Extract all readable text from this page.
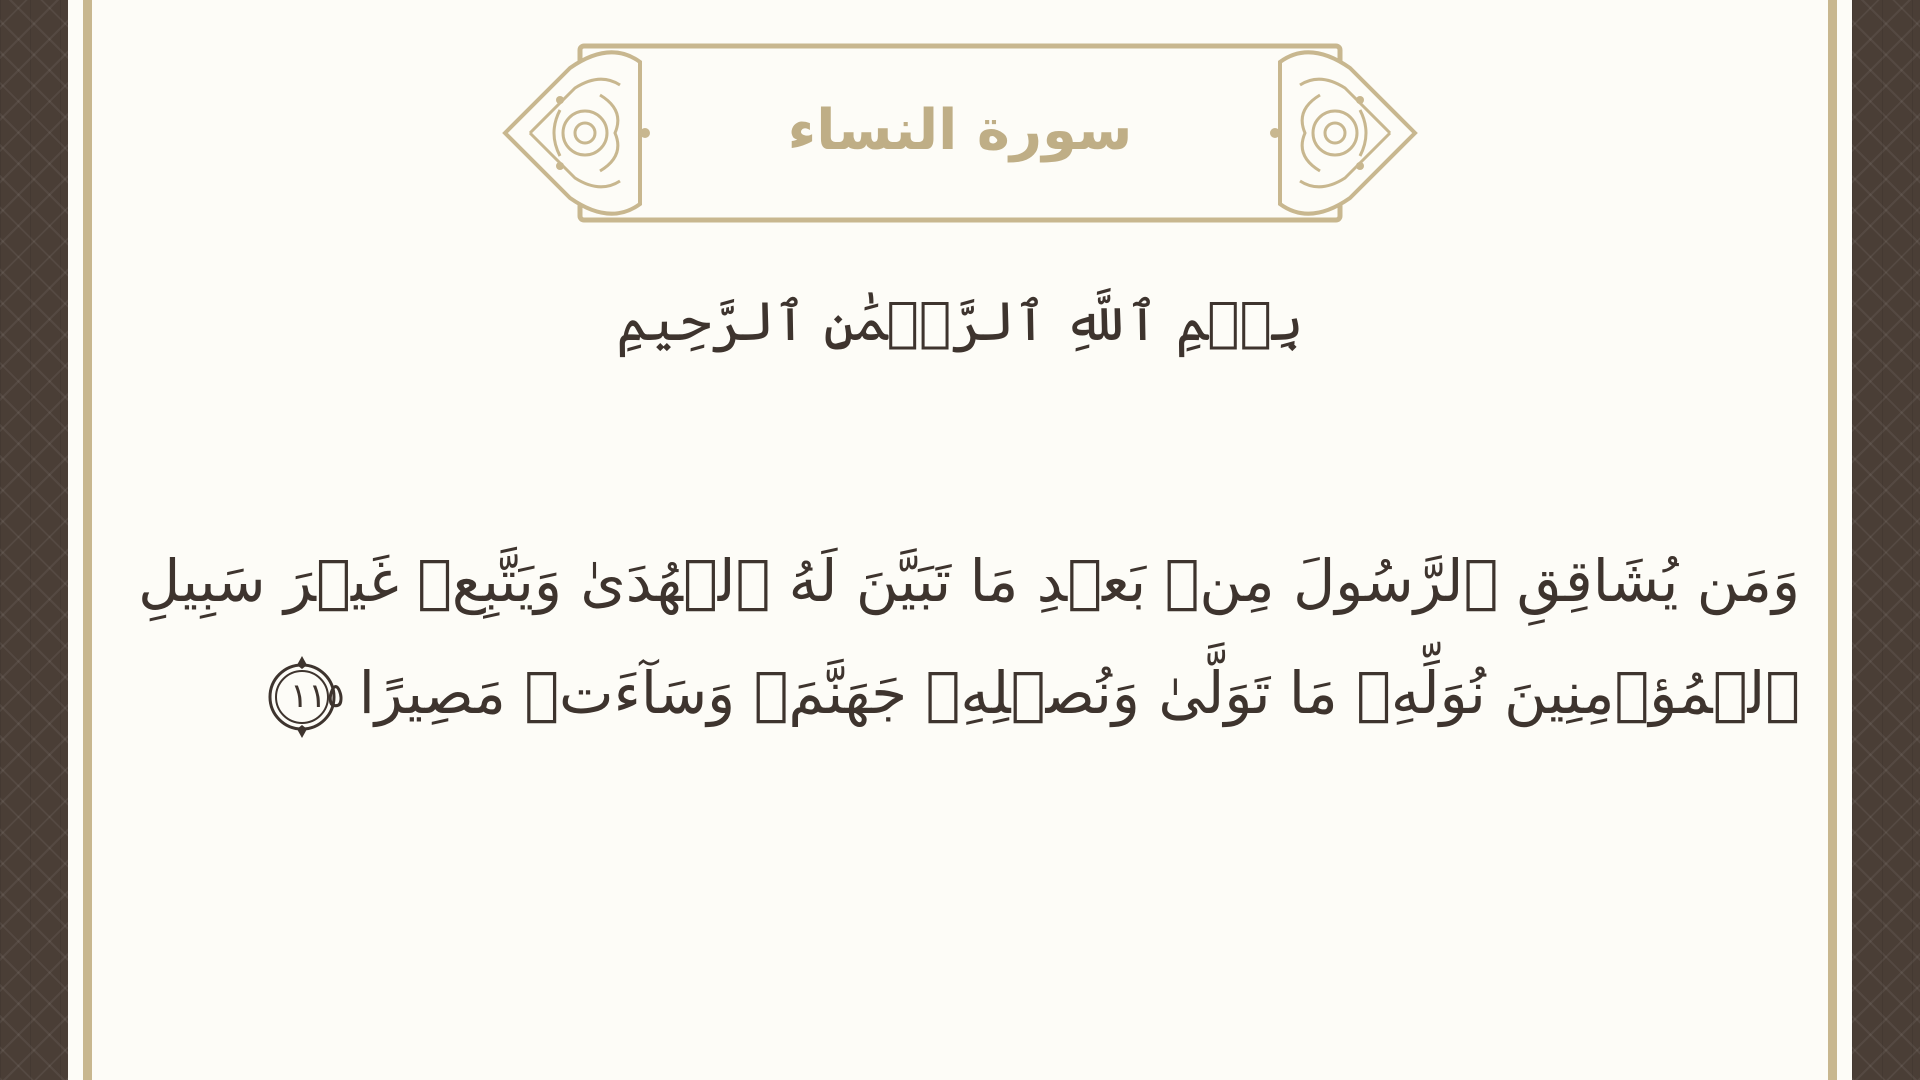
سورة النساء
بِسۡمِ ٱللَّهِ ٱلرَّحۡمَٰنِ ٱلرَّحِيمِ
وَمَن يُشَاقِقِ ٱلرَّسُولَ مِنۢ بَعۡدِ مَا تَبَيَّنَ لَهُ ٱلۡهُدَىٰ وَيَتَّبِعۡ غَيۡرَ سَبِيلِ
ٱلۡمُؤۡمِنِينَ نُوَلِّهِۦ مَا تَوَلَّىٰ وَنُصۡلِهِۦ جَهَنَّمَۖ وَسَآءَتۡ مَصِيرًا
١١٥
